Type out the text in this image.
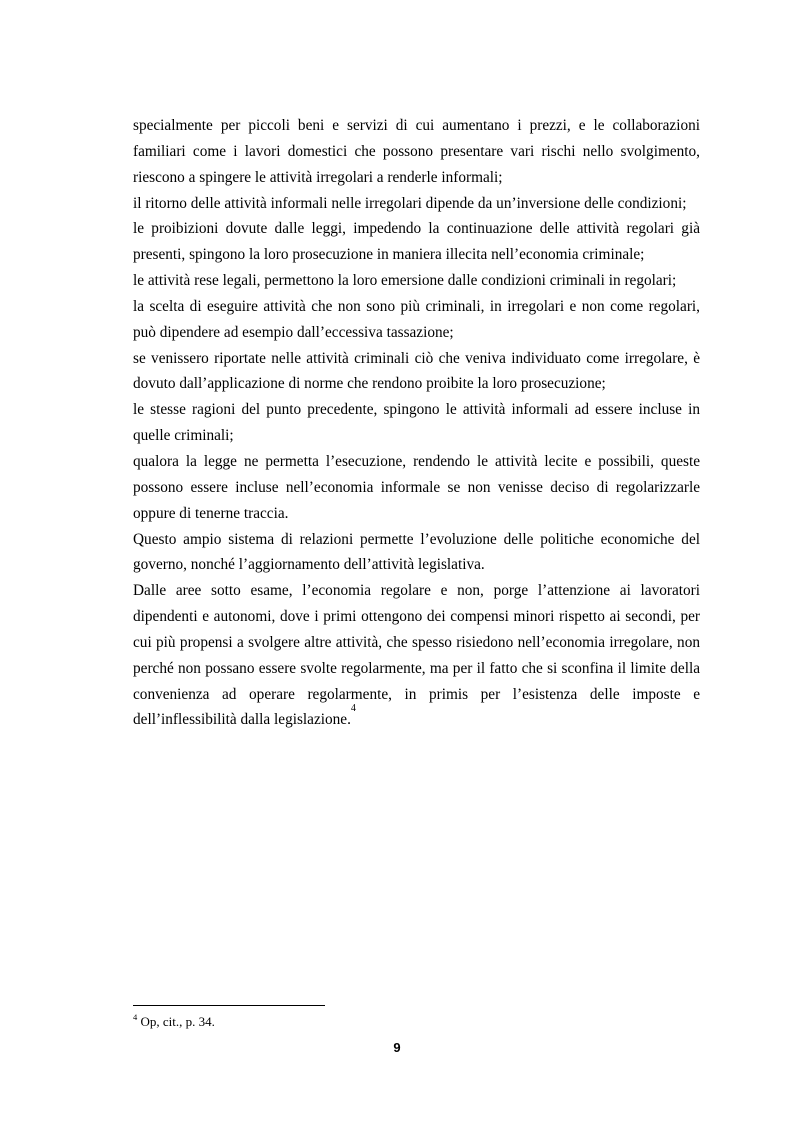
specialmente per piccoli beni e servizi di cui aumentano i prezzi, e le collaborazioni familiari come i lavori domestici che possono presentare vari rischi nello svolgimento, riescono a spingere le attività irregolari a renderle informali;

il ritorno delle attività informali nelle irregolari dipende da un’inversione delle condizioni;

le proibizioni dovute dalle leggi, impedendo la continuazione delle attività regolari già presenti, spingono la loro prosecuzione in maniera illecita nell’economia criminale;

le attività rese legali, permettono la loro emersione dalle condizioni criminali in regolari;

la scelta di eseguire attività che non sono più criminali, in irregolari e non come regolari, può dipendere ad esempio dall’eccessiva tassazione;

se venissero riportate nelle attività criminali ciò che veniva individuato come irregolare, è dovuto dall’applicazione di norme che rendono proibite la loro prosecuzione;

le stesse ragioni del punto precedente, spingono le attività informali ad essere incluse in quelle criminali;

qualora la legge ne permetta l’esecuzione, rendendo le attività lecite e possibili, queste possono essere incluse nell’economia informale se non venisse deciso di regolarizzarle oppure di tenerne traccia.

Questo ampio sistema di relazioni permette l’evoluzione delle politiche economiche del governo, nonché l’aggiornamento dell’attività legislativa.

Dalle aree sotto esame, l’economia regolare e non, porge l’attenzione ai lavoratori dipendenti e autonomi, dove i primi ottengono dei compensi minori rispetto ai secondi, per cui più propensi a svolgere altre attività, che spesso risiedono nell’economia irregolare, non perché non possano essere svolte regolarmente, ma per il fatto che si sconfina il limite della convenienza ad operare regolarmente, in primis per l’esistenza delle imposte e dell’inflessibilità dalla legislazione.$^4$

$^4$ Op, cit., p. 34.
9
